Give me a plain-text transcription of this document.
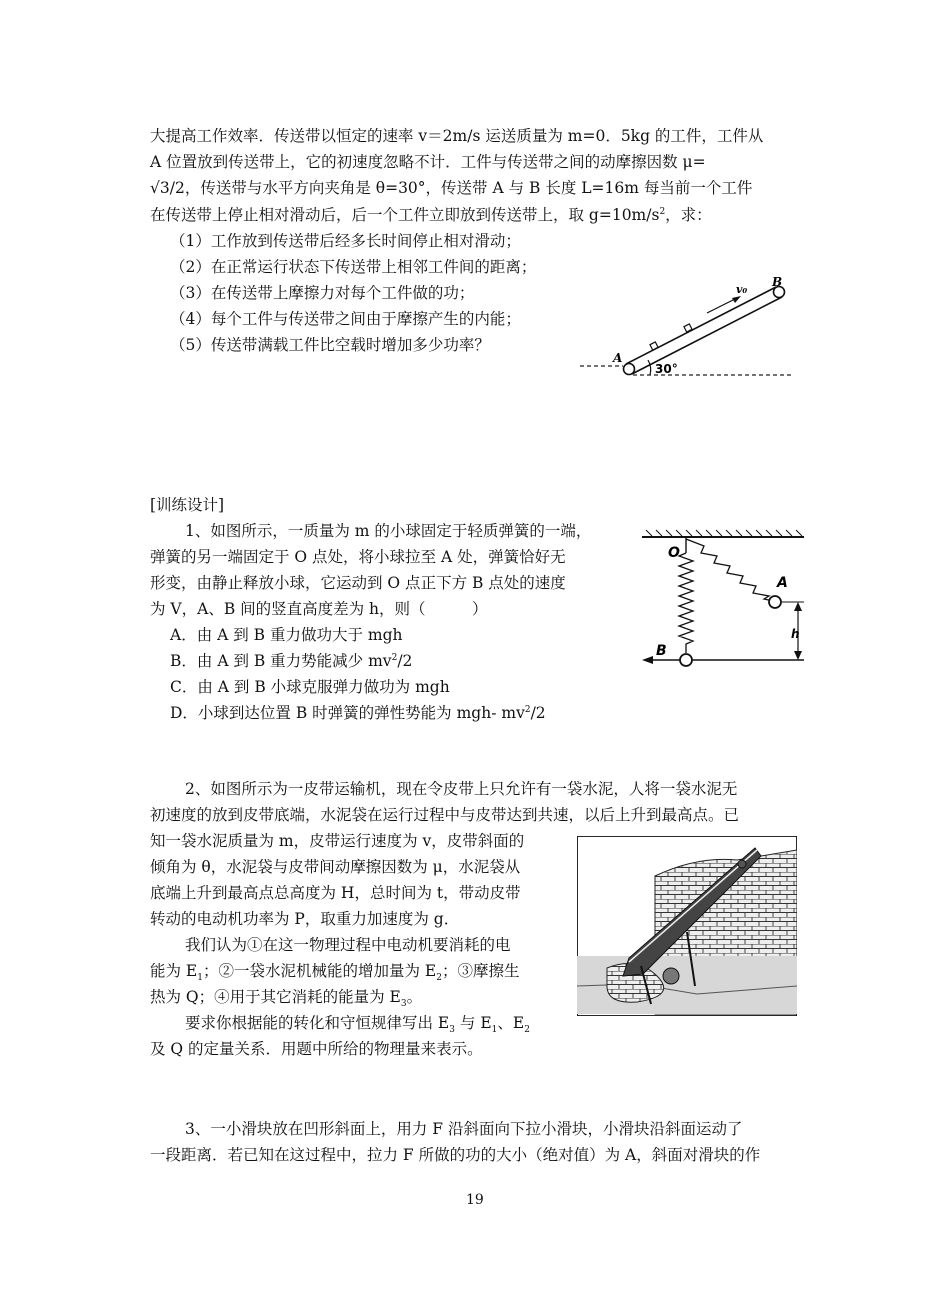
大提高工作效率．传送带以恒定的速率 v＝2m/s 运送质量为 m=0．5kg 的工件，工件从
A 位置放到传送带上，它的初速度忽略不计．工件与传送带之间的动摩擦因数 μ=
√3/2，传送带与水平方向夹角是 θ=30°，传送带 A 与 B 长度 L=16m 每当前一个工件
在传送带上停止相对滑动后，后一个工件立即放到传送带上，取 $g=10m/s^2$，求：
（1）工作放到传送带后经多长时间停止相对滑动；
（2）在正常运行状态下传送带上相邻工件间的距离；
（3）在传送带上摩擦力对每个工件做的功；
（4）每个工件与传送带之间由于摩擦产生的内能；
（5）传送带满载工件比空载时增加多少功率？
A
B
v₀
30°
[训练设计]
1、如图所示，一质量为 m 的小球固定于轻质弹簧的一端，
弹簧的另一端固定于 O 点处，将小球拉至 A 处，弹簧恰好无
形变，由静止释放小球，它运动到 O 点正下方 B 点处的速度
为 V，A、B 间的竖直高度差为 h，则（　　　）
A．由 A 到 B 重力做功大于 mgh
B．由 A 到 B 重力势能减少 $mv^2/2$
C．由 A 到 B 小球克服弹力做功为 mgh
D．小球到达位置 B 时弹簧的弹性势能为 mgh- $mv^2/2$
O
A
B
h
2、如图所示为一皮带运输机，现在令皮带上只允许有一袋水泥，人将一袋水泥无
初速度的放到皮带底端，水泥袋在运行过程中与皮带达到共速，以后上升到最高点。已
知一袋水泥质量为 m，皮带运行速度为 v，皮带斜面的
倾角为 θ，水泥袋与皮带间动摩擦因数为 μ，水泥袋从
底端上升到最高点总高度为 H，总时间为 t，带动皮带
转动的电动机功率为 P，取重力加速度为 g．
我们认为①在这一物理过程中电动机要消耗的电
能为 $E_1$；②一袋水泥机械能的增加量为 $E_2$；③摩擦生
热为 Q；④用于其它消耗的能量为 $E_3$。
要求你根据能的转化和守恒规律写出 $E_3$ 与 $E_1$、$E_2$
及 Q 的定量关系．用题中所给的物理量来表示。
3、一小滑块放在凹形斜面上，用力 F 沿斜面向下拉小滑块，小滑块沿斜面运动了
一段距离．若已知在这过程中，拉力 F 所做的功的大小（绝对值）为 A，斜面对滑块的作
19
